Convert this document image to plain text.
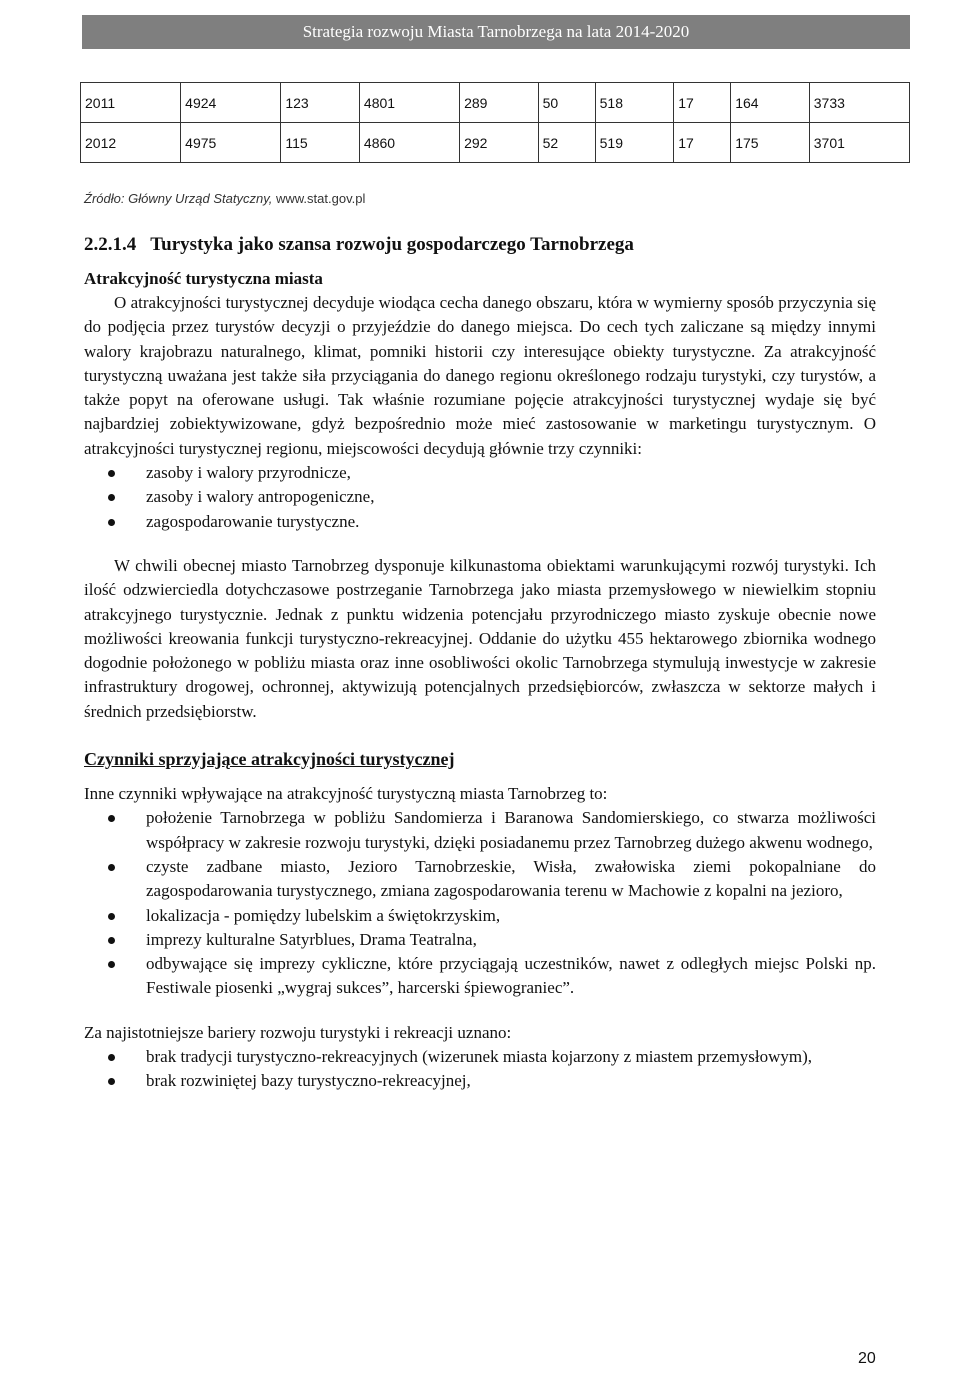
Strategia rozwoju Miasta Tarnobrzega na lata 2014-2020
2011	4924	123	4801	289	50	518	17	164	3733
2012	4975	115	4860	292	52	519	17	175	3701
Źródło: Główny Urząd Statyczny, www.stat.gov.pl
2.2.1.4 Turystyka jako szansa rozwoju gospodarczego Tarnobrzega
Atrakcyjność turystyczna miasta

O atrakcyjności turystycznej decyduje wiodąca cecha danego obszaru, która w wymierny sposób przyczynia się do podjęcia przez turystów decyzji o przyjeździe do danego miejsca. Do cech tych zaliczane są między innymi walory krajobrazu naturalnego, klimat, pomniki historii czy interesujące obiekty turystyczne. Za atrakcyjność turystyczną uważana jest także siła przyciągania do danego regionu określonego rodzaju turystyki, czy turystów, a także popyt na oferowane usługi. Tak właśnie rozumiane pojęcie atrakcyjności turystycznej wydaje się być najbardziej zobiektywizowane, gdyż bezpośrednio może mieć zastosowanie w marketingu turystycznym. O atrakcyjności turystycznej regionu, miejscowości decydują głównie trzy czynniki:

zasoby i walory przyrodnicze,
zasoby i walory antropogeniczne,
zagospodarowanie turystyczne.

W chwili obecnej miasto Tarnobrzeg dysponuje kilkunastoma obiektami warunkującymi rozwój turystyki. Ich ilość odzwierciedla dotychczasowe postrzeganie Tarnobrzega jako miasta przemysłowego w niewielkim stopniu atrakcyjnego turystycznie. Jednak z punktu widzenia potencjału przyrodniczego miasto zyskuje obecnie nowe możliwości kreowania funkcji turystyczno-rekreacyjnej. Oddanie do użytku 455 hektarowego zbiornika wodnego dogodnie położonego w pobliżu miasta oraz inne osobliwości okolic Tarnobrzega stymulują inwestycje w zakresie infrastruktury drogowej, ochronnej, aktywizują potencjalnych przedsiębiorców, zwłaszcza w sektorze małych i średnich przedsiębiorstw.

Czynniki sprzyjające atrakcyjności turystycznej

Inne czynniki wpływające na atrakcyjność turystyczną miasta Tarnobrzeg to:

położenie Tarnobrzega w pobliżu Sandomierza i Baranowa Sandomierskiego, co stwarza możliwości współpracy w zakresie rozwoju turystyki, dzięki posiadanemu przez Tarnobrzeg dużego akwenu wodnego,
czyste zadbane miasto, Jezioro Tarnobrzeskie, Wisła, zwałowiska ziemi pokopalniane do zagospodarowania turystycznego, zmiana zagospodarowania terenu w Machowie z kopalni na jezioro,
lokalizacja - pomiędzy lubelskim a świętokrzyskim,
imprezy kulturalne Satyrblues, Drama Teatralna,
odbywające się imprezy cykliczne, które przyciągają uczestników, nawet z odległych miejsc Polski np. Festiwale piosenki „wygraj sukces”, harcerski śpiewograniec”.

Za najistotniejsze bariery rozwoju turystyki i rekreacji uznano:

brak tradycji turystyczno-rekreacyjnych (wizerunek miasta kojarzony z miastem przemysłowym),
brak rozwiniętej bazy turystyczno-rekreacyjnej,
20
